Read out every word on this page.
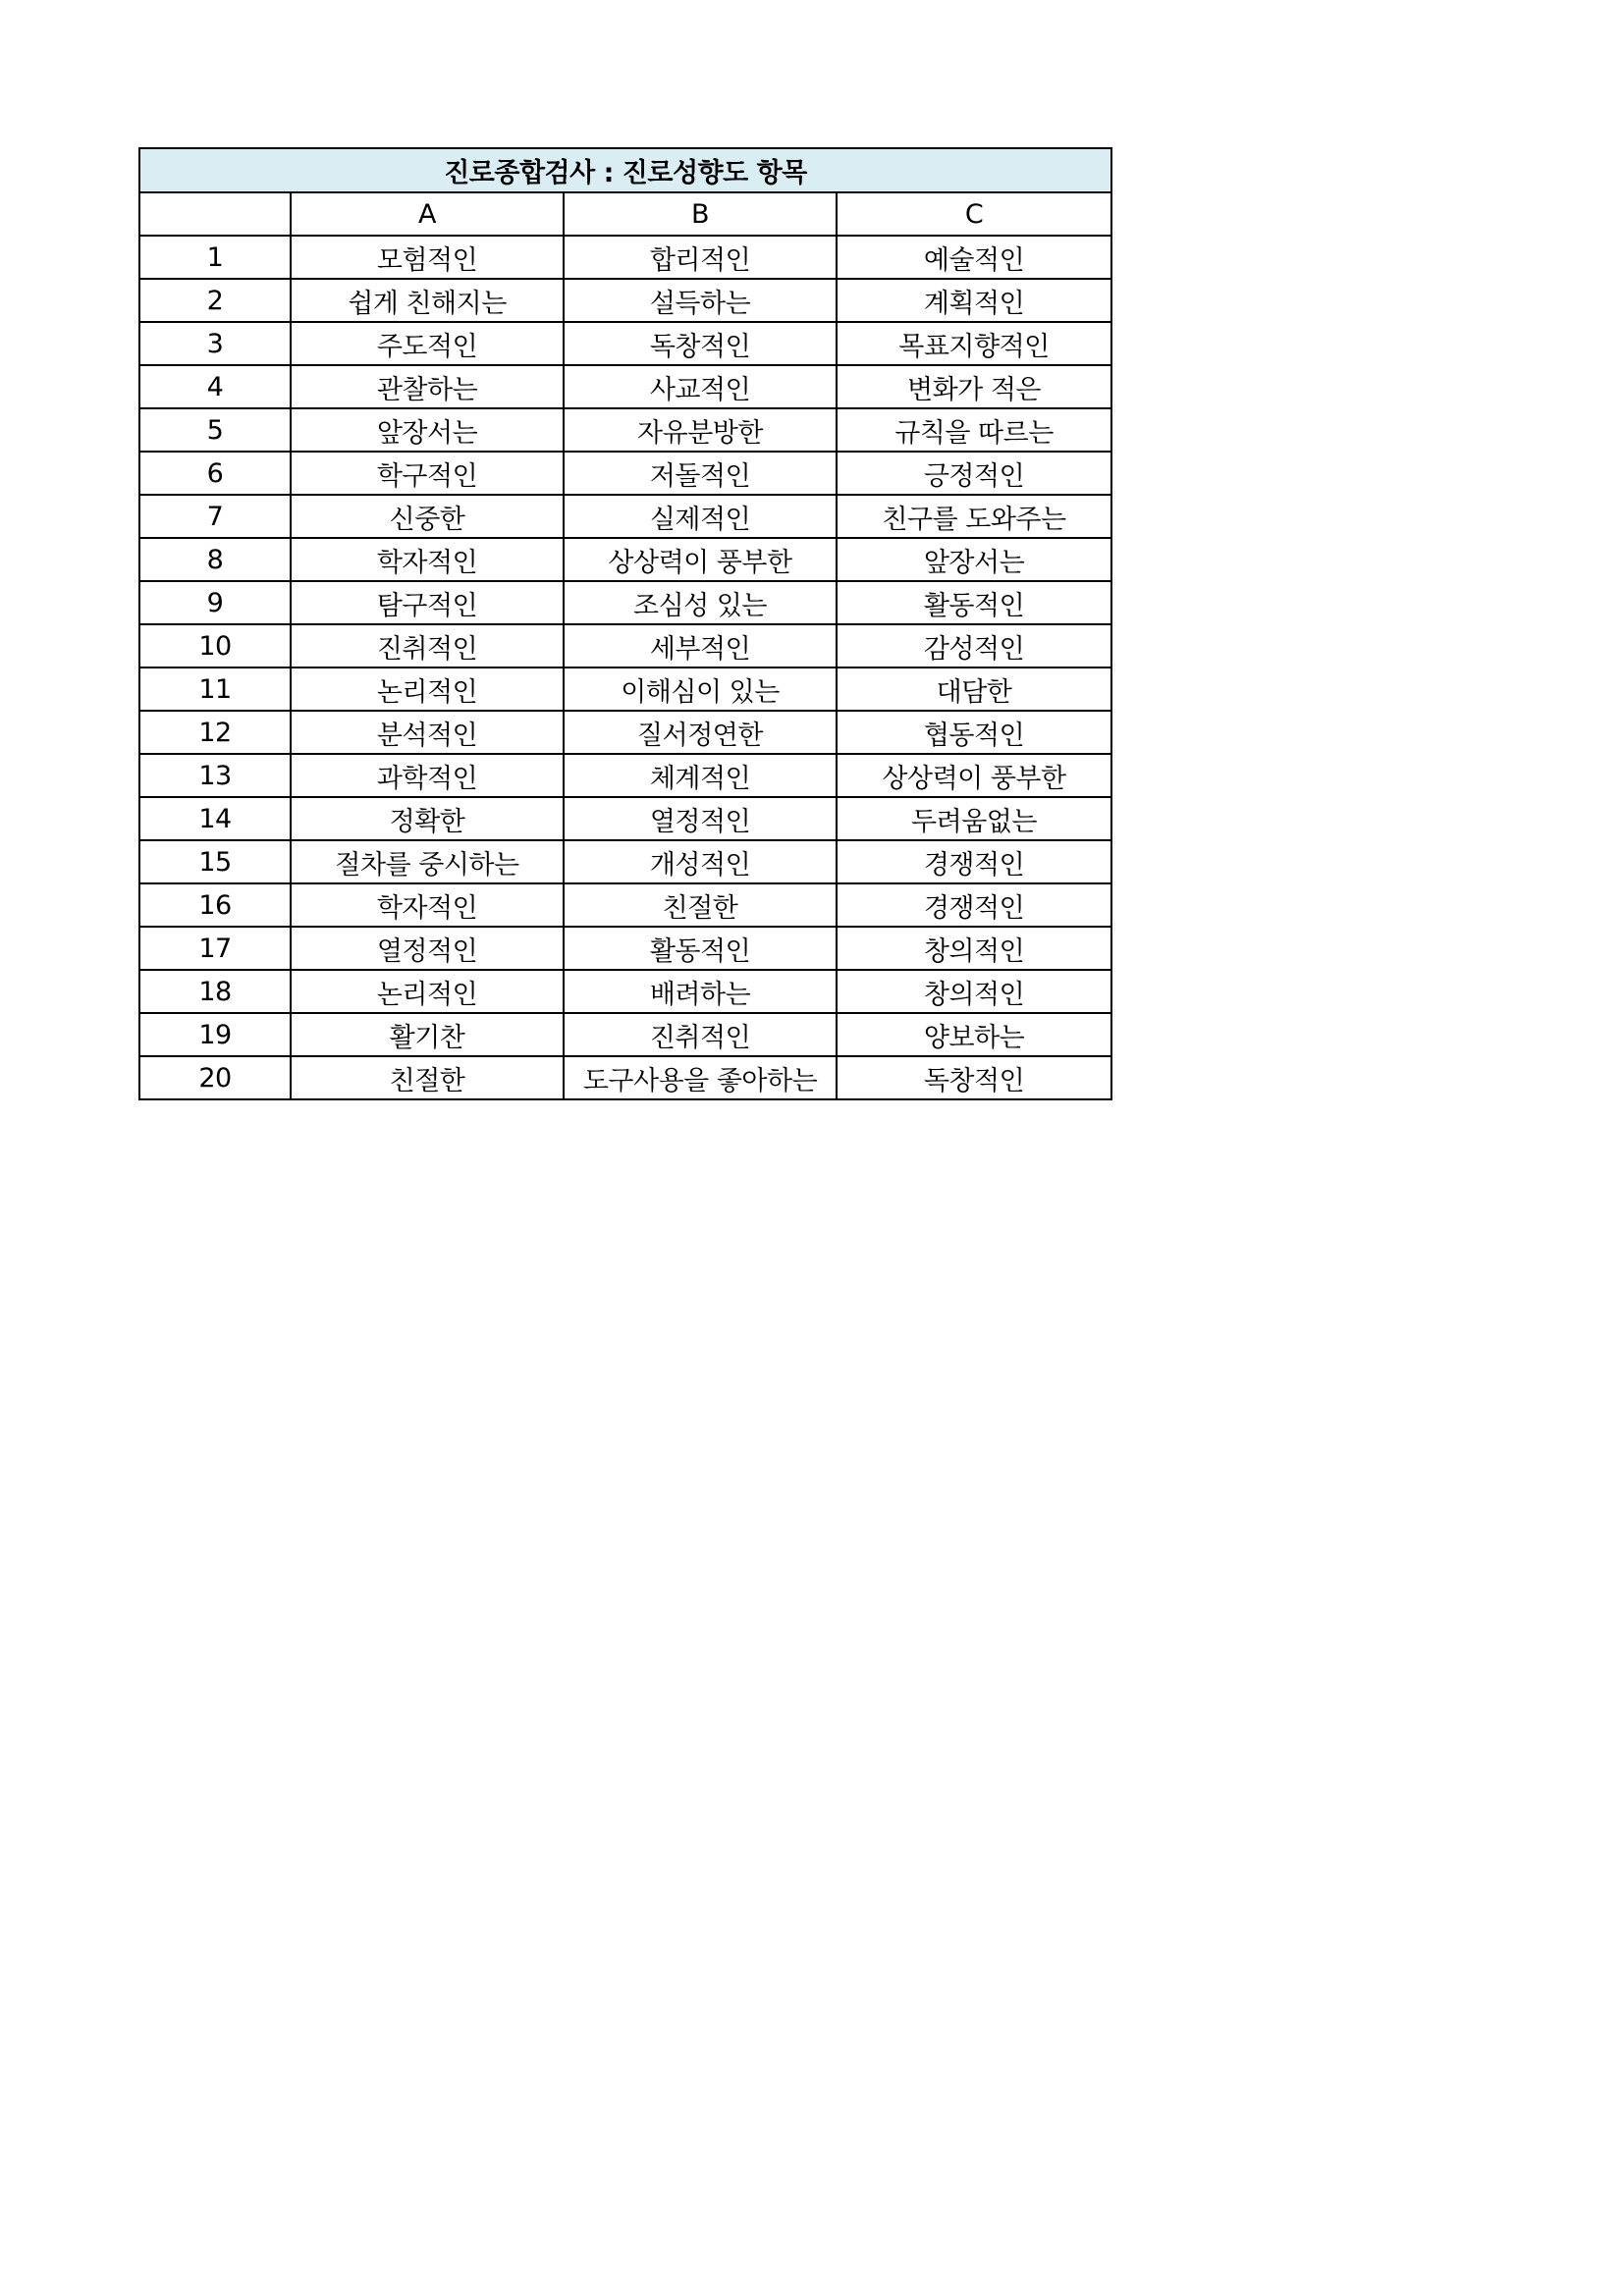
진로종합검사 : 진로성향도 항목			
	A	B	C
1	모험적인	합리적인	예술적인
2	쉽게 친해지는	설득하는	계획적인
3	주도적인	독창적인	목표지향적인
4	관찰하는	사교적인	변화가 적은
5	앞장서는	자유분방한	규칙을 따르는
6	학구적인	저돌적인	긍정적인
7	신중한	실제적인	친구를 도와주는
8	학자적인	상상력이 풍부한	앞장서는
9	탐구적인	조심성 있는	활동적인
10	진취적인	세부적인	감성적인
11	논리적인	이해심이 있는	대담한
12	분석적인	질서정연한	협동적인
13	과학적인	체계적인	상상력이 풍부한
14	정확한	열정적인	두려움없는
15	절차를 중시하는	개성적인	경쟁적인
16	학자적인	친절한	경쟁적인
17	열정적인	활동적인	창의적인
18	논리적인	배려하는	창의적인
19	활기찬	진취적인	양보하는
20	친절한	도구사용을 좋아하는	독창적인
